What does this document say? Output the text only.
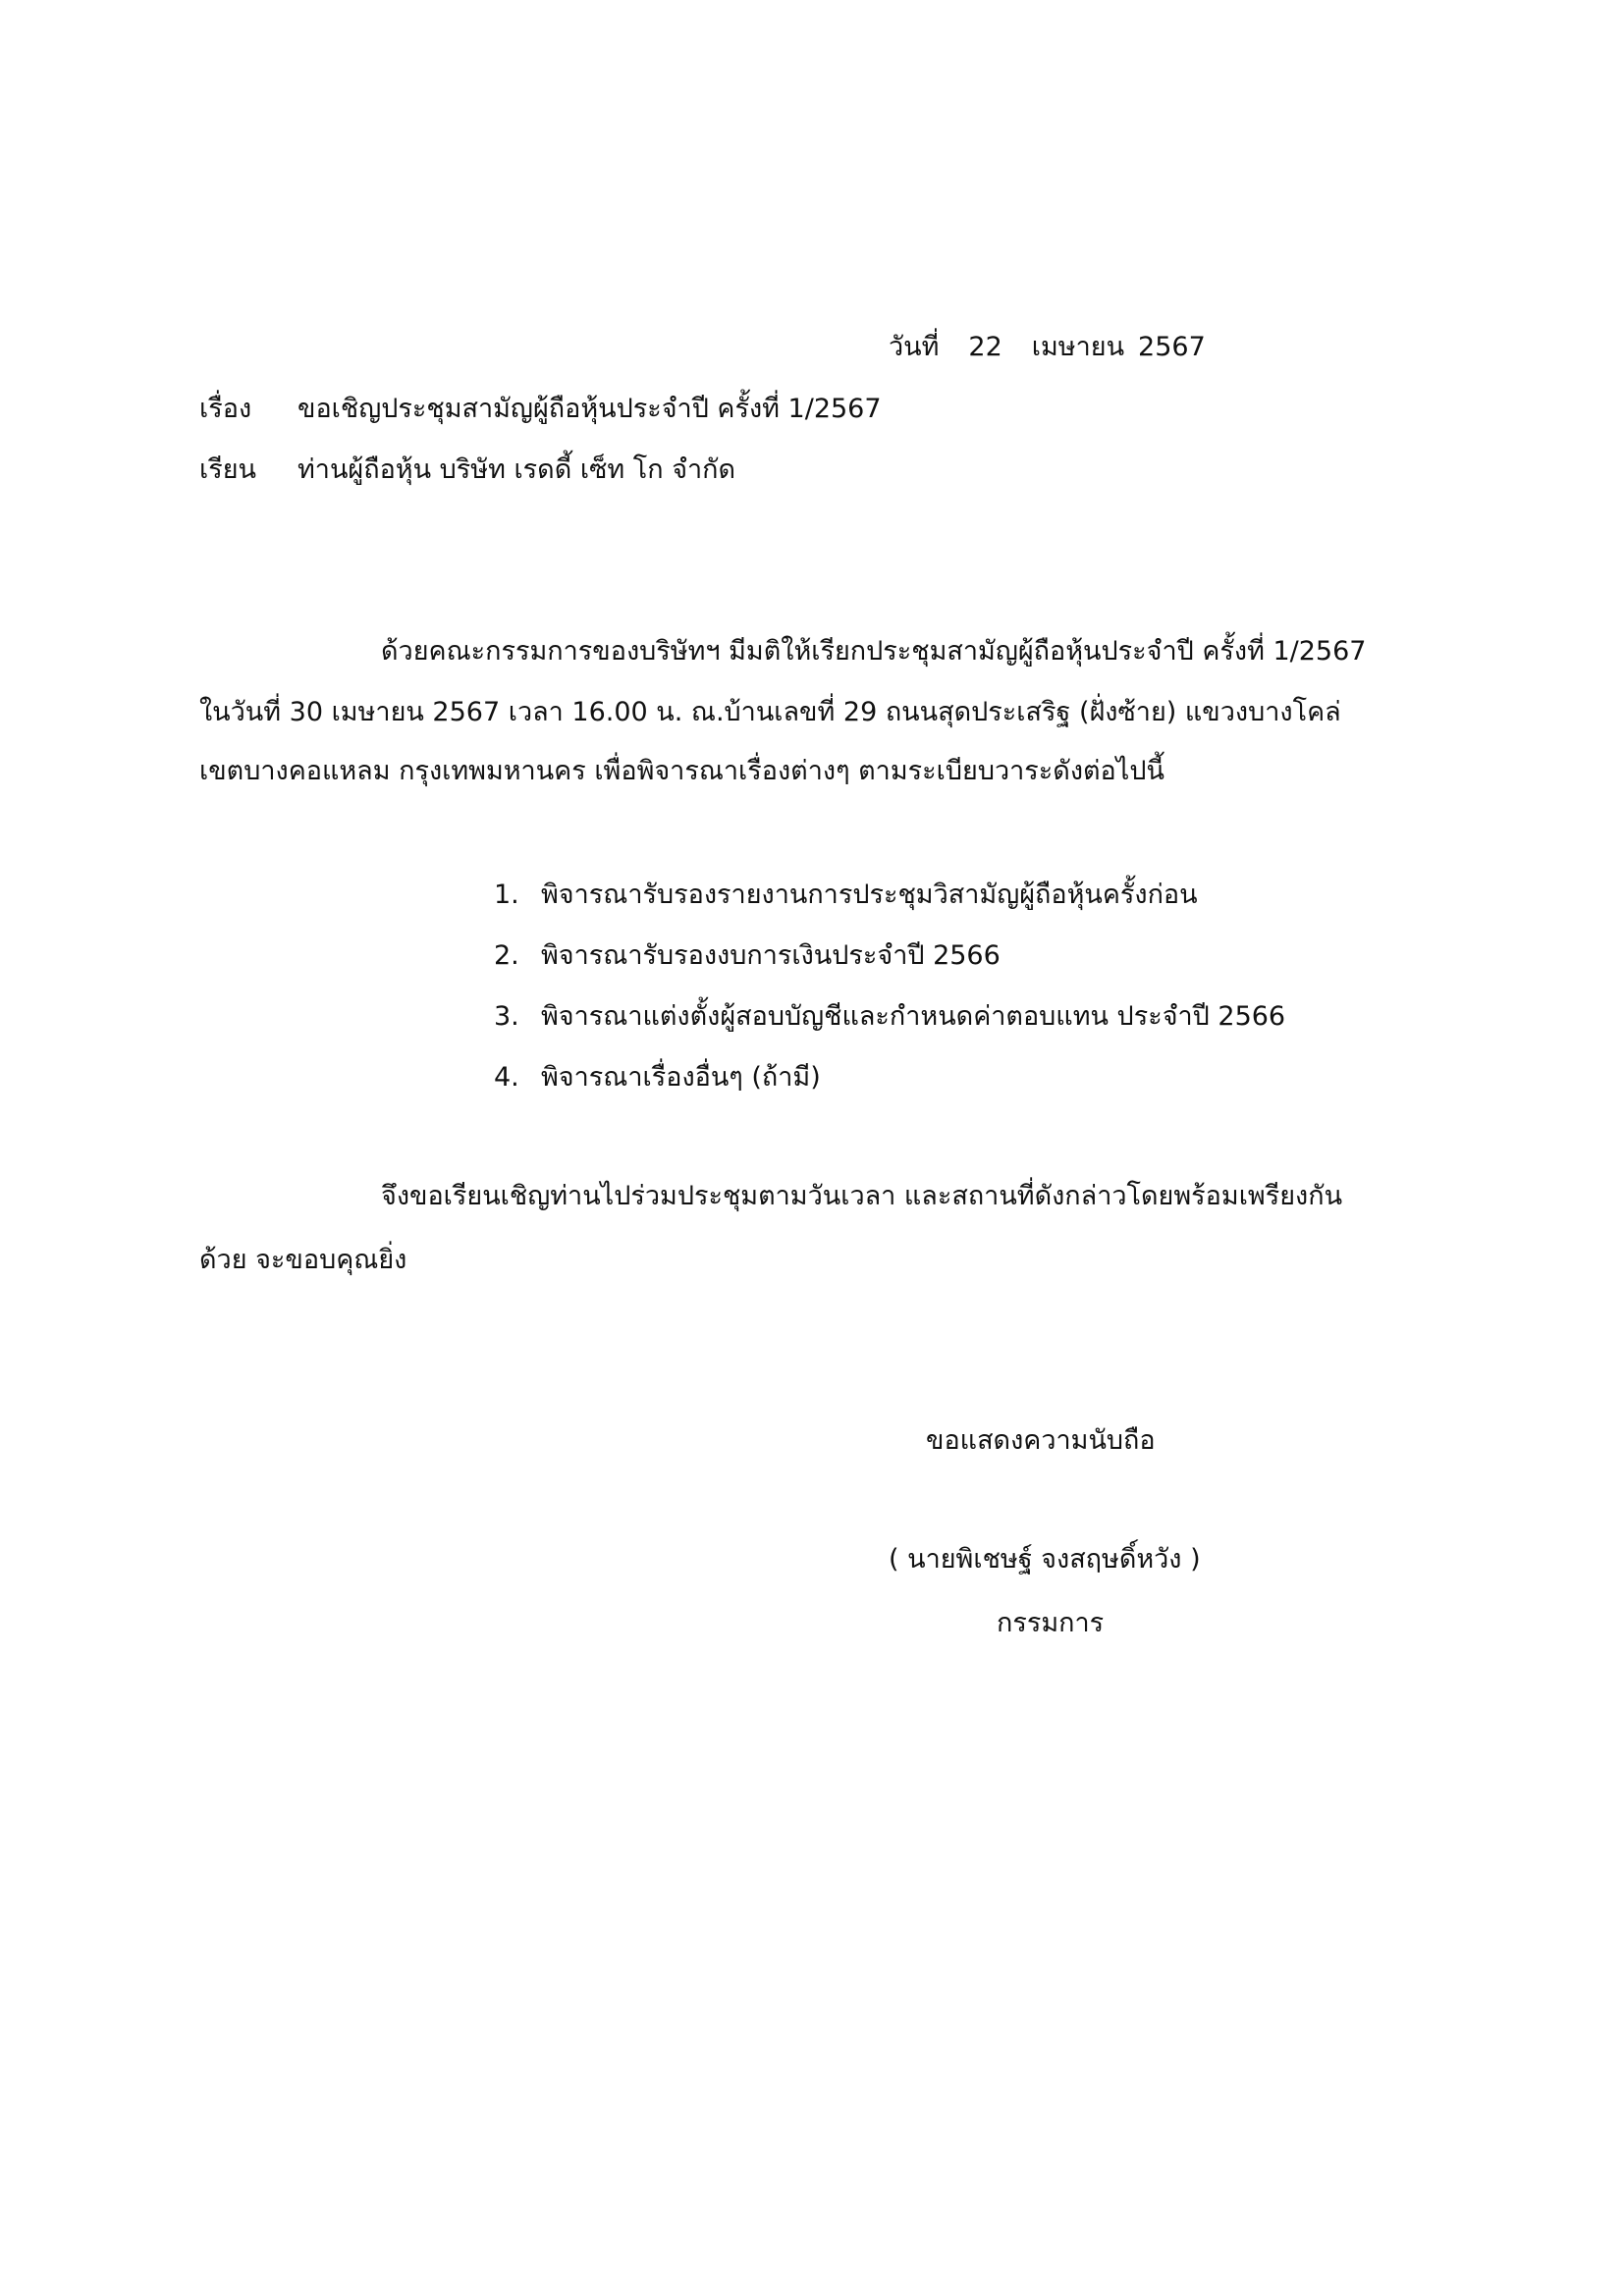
วันที่ 22 เมษายน 2567
เรื่อง ขอเชิญประชุมสามัญผู้ถือหุ้นประจำปี ครั้งที่ 1/2567
เรียน ท่านผู้ถือหุ้น บริษัท เรดดี้ เซ็ท โก จำกัด
ด้วยคณะกรรมการของบริษัทฯ มีมติให้เรียกประชุมสามัญผู้ถือหุ้นประจำปี ครั้งที่ 1/2567
ในวันที่ 30 เมษายน 2567 เวลา 16.00 น. ณ.บ้านเลขที่ 29 ถนนสุดประเสริฐ (ฝั่งซ้าย) แขวงบางโคล่
เขตบางคอแหลม กรุงเทพมหานคร เพื่อพิจารณาเรื่องต่างๆ ตามระเบียบวาระดังต่อไปนี้
1. พิจารณารับรองรายงานการประชุมวิสามัญผู้ถือหุ้นครั้งก่อน
2. พิจารณารับรองงบการเงินประจำปี 2566
3. พิจารณาแต่งตั้งผู้สอบบัญชีและกำหนดค่าตอบแทน ประจำปี 2566
4. พิจารณาเรื่องอื่นๆ (ถ้ามี)
จึงขอเรียนเชิญท่านไปร่วมประชุมตามวันเวลา และสถานที่ดังกล่าวโดยพร้อมเพรียงกัน
ด้วย จะขอบคุณยิ่ง
ขอแสดงความนับถือ
( นายพิเชษฐ์ จงสฤษดิ์หวัง )
กรรมการ
